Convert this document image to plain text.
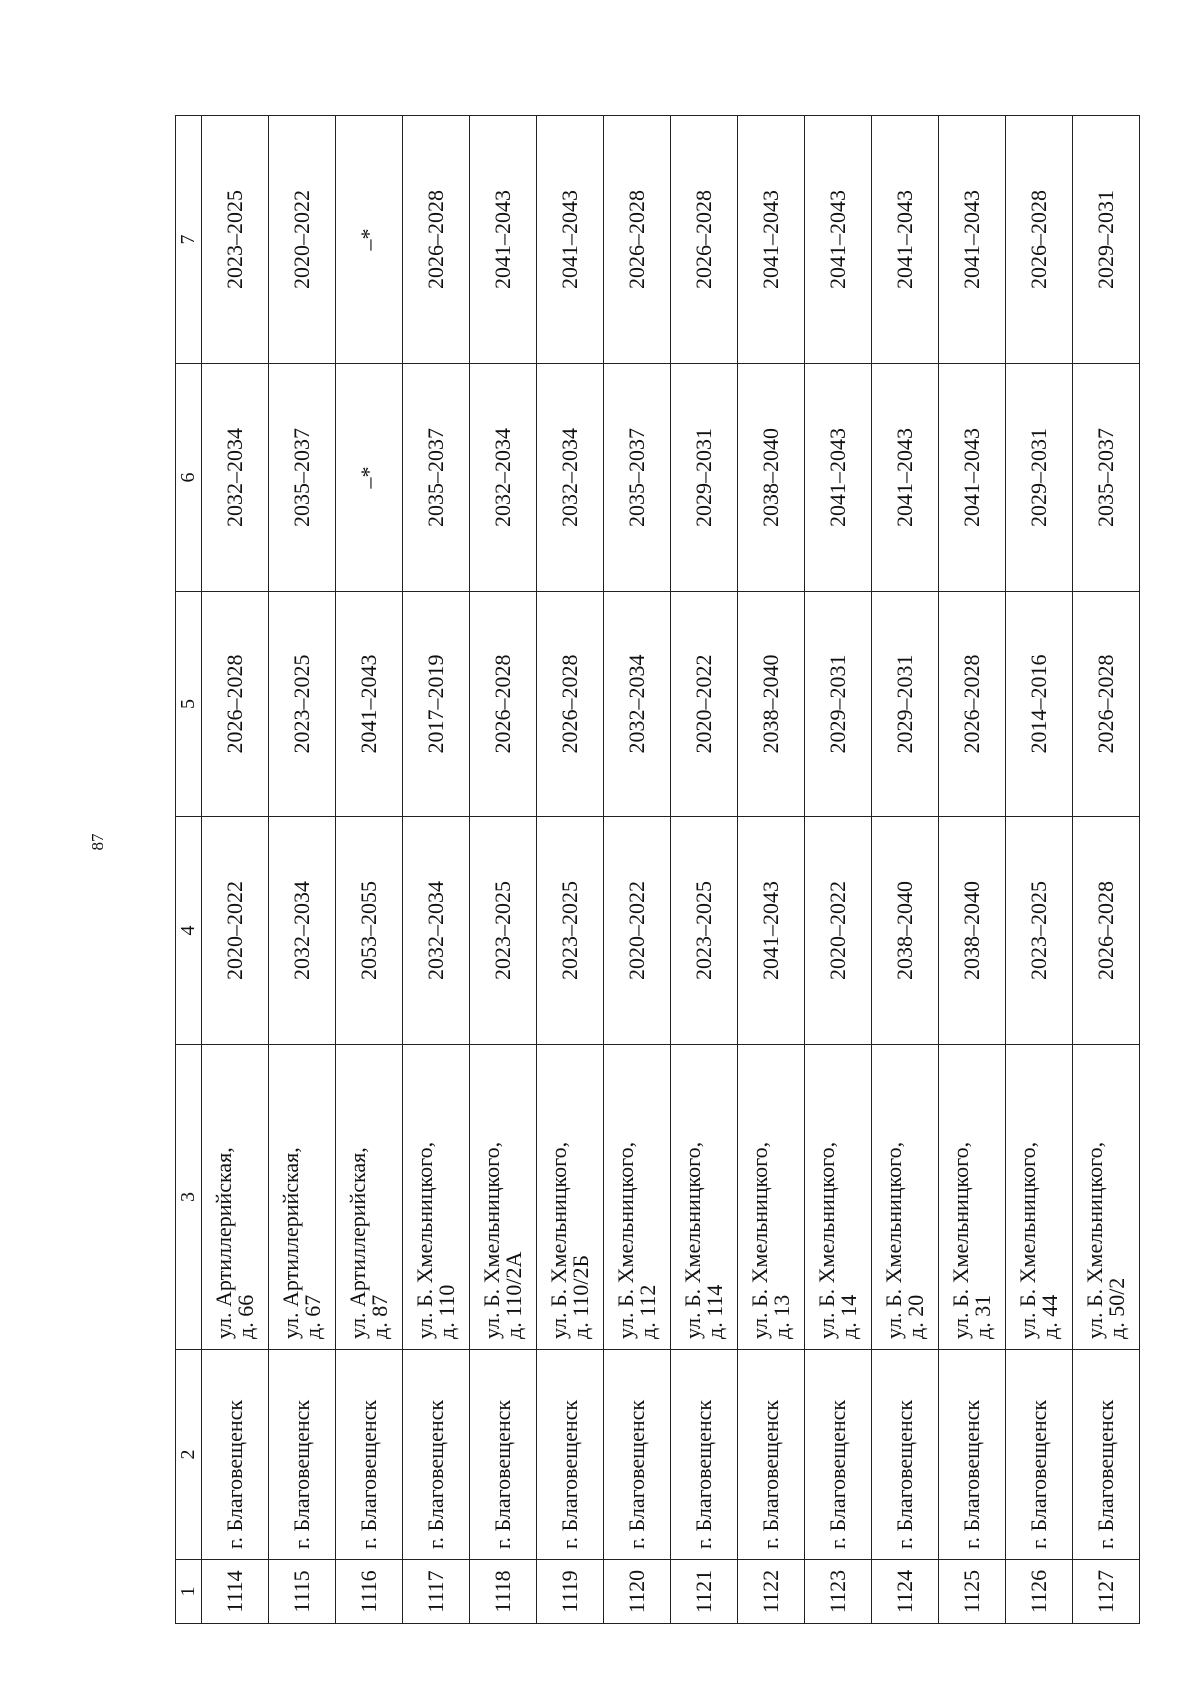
87
1	2	3	4	5	6	7
1114	г. Благовещенск	ул. Артиллерийская,
д. 66	2020–2022	2026–2028	2032–2034	2023–2025
1115	г. Благовещенск	ул. Артиллерийская,
д. 67	2032–2034	2023–2025	2035–2037	2020–2022
1116	г. Благовещенск	ул. Артиллерийская,
д. 87	2053–2055	2041–2043	–*	–*
1117	г. Благовещенск	ул. Б. Хмельницкого,
д. 110	2032–2034	2017–2019	2035–2037	2026–2028
1118	г. Благовещенск	ул. Б. Хмельницкого,
д. 110/2А	2023–2025	2026–2028	2032–2034	2041–2043
1119	г. Благовещенск	ул. Б. Хмельницкого,
д. 110/2Б	2023–2025	2026–2028	2032–2034	2041–2043
1120	г. Благовещенск	ул. Б. Хмельницкого,
д. 112	2020–2022	2032–2034	2035–2037	2026–2028
1121	г. Благовещенск	ул. Б. Хмельницкого,
д. 114	2023–2025	2020–2022	2029–2031	2026–2028
1122	г. Благовещенск	ул. Б. Хмельницкого,
д. 13	2041–2043	2038–2040	2038–2040	2041–2043
1123	г. Благовещенск	ул. Б. Хмельницкого,
д. 14	2020–2022	2029–2031	2041–2043	2041–2043
1124	г. Благовещенск	ул. Б. Хмельницкого,
д. 20	2038–2040	2029–2031	2041–2043	2041–2043
1125	г. Благовещенск	ул. Б. Хмельницкого,
д. 31	2038–2040	2026–2028	2041–2043	2041–2043
1126	г. Благовещенск	ул. Б. Хмельницкого,
д. 44	2023–2025	2014–2016	2029–2031	2026–2028
1127	г. Благовещенск	ул. Б. Хмельницкого,
д. 50/2	2026–2028	2026–2028	2035–2037	2029–2031
